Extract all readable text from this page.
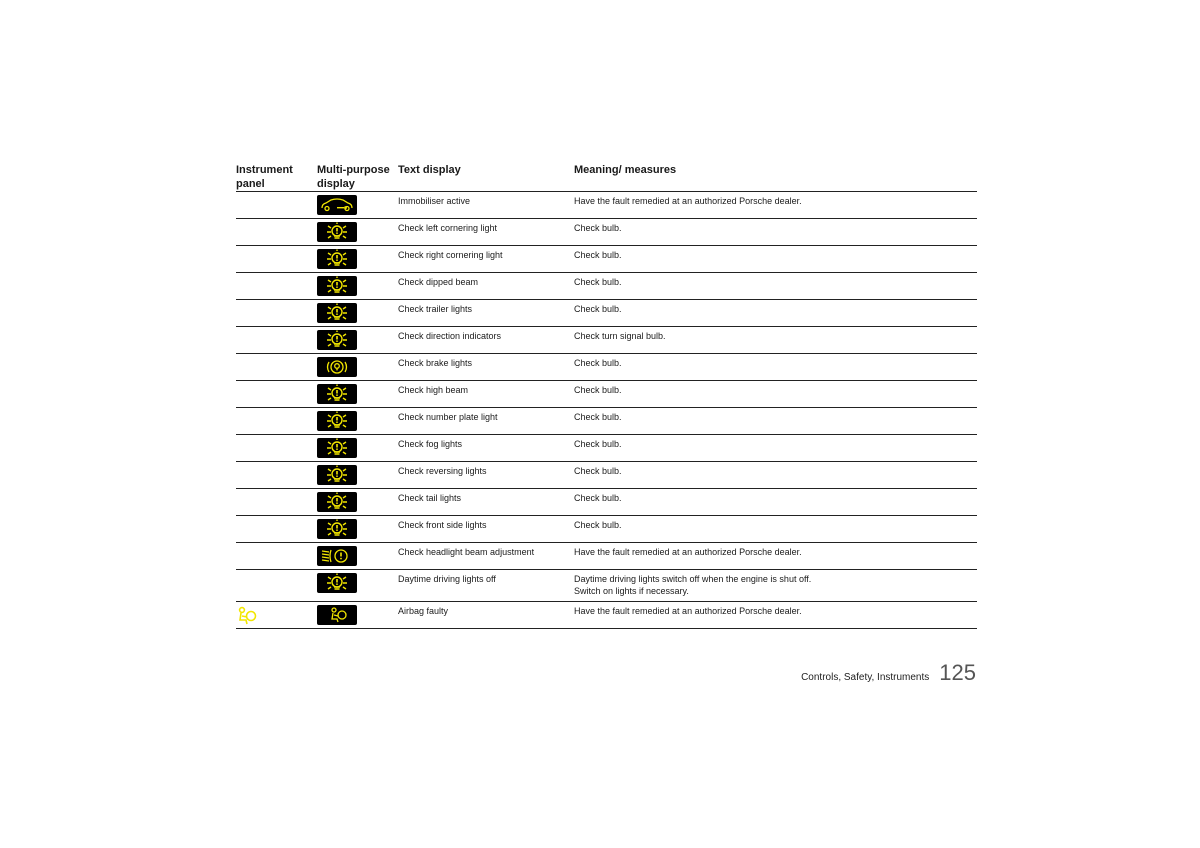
Instrument
panel
Multi-purpose
display
Text display	Meaning/ measures
Immobiliser active	Have the fault remedied at an authorized Porsche dealer.
Check left cornering light	Check bulb.
Check right cornering light	Check bulb.
Check dipped beam	Check bulb.
Check trailer lights	Check bulb.
Check direction indicators	Check turn signal bulb.
Check brake lights	Check bulb.
Check high beam	Check bulb.
Check number plate light	Check bulb.
Check fog lights	Check bulb.
Check reversing lights	Check bulb.
Check tail lights	Check bulb.
Check front side lights	Check bulb.
Check headlight beam adjustment	Have the fault remedied at an authorized Porsche dealer.
Daytime driving lights off	Daytime driving lights switch off when the engine is shut off.
Switch on lights if necessary.
Airbag faulty	Have the fault remedied at an authorized Porsche dealer.
Controls, Safety, Instruments 125
